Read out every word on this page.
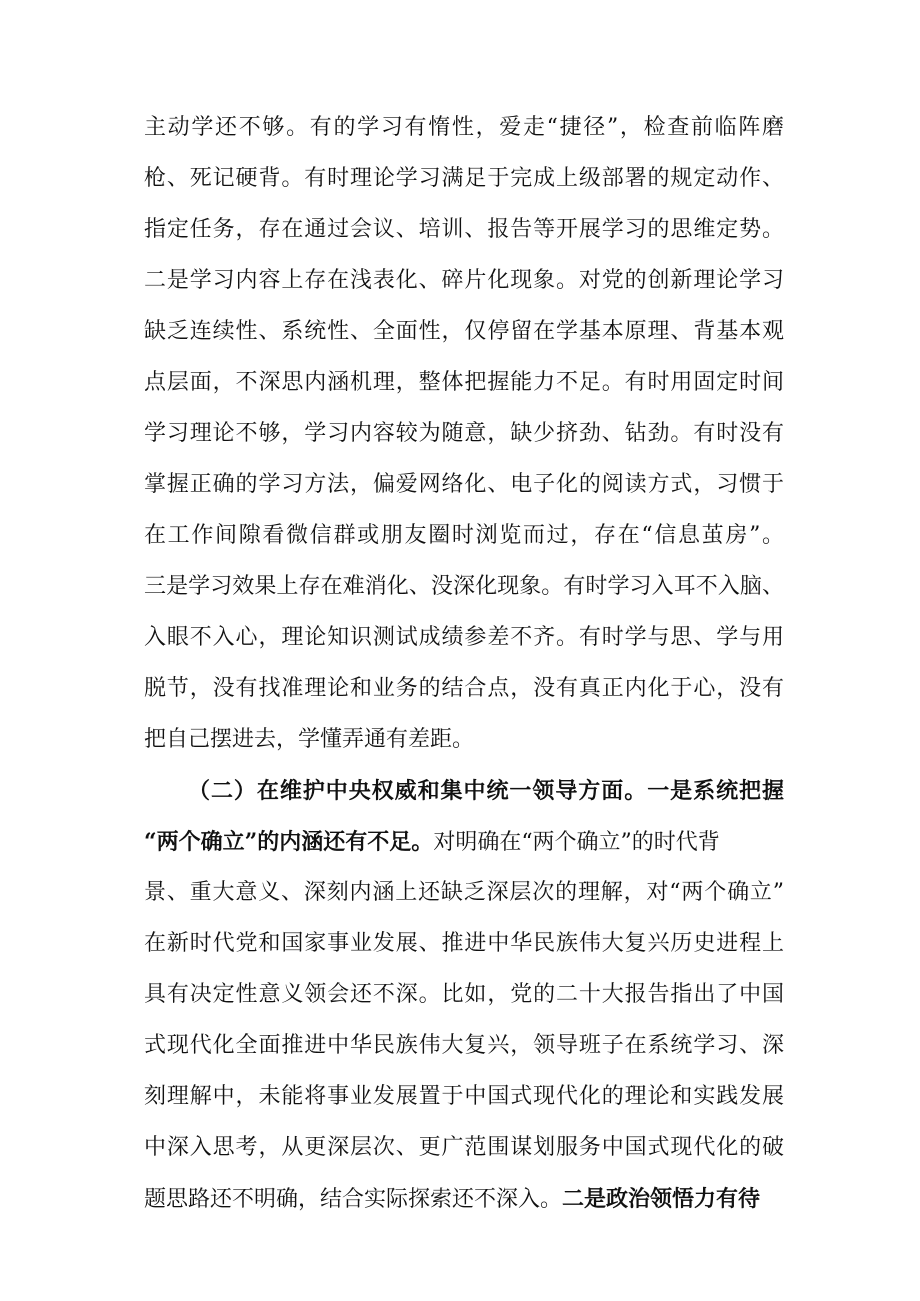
主动学还不够。有的学习有惰性，爱走“捷径”，检查前临阵磨
枪、死记硬背。有时理论学习满足于完成上级部署的规定动作、
指定任务，存在通过会议、培训、报告等开展学习的思维定势。
二是学习内容上存在浅表化、碎片化现象。对党的创新理论学习
缺乏连续性、系统性、全面性，仅停留在学基本原理、背基本观
点层面，不深思内涵机理，整体把握能力不足。有时用固定时间
学习理论不够，学习内容较为随意，缺少挤劲、钻劲。有时没有
掌握正确的学习方法，偏爱网络化、电子化的阅读方式，习惯于
在工作间隙看微信群或朋友圈时浏览而过，存在“信息茧房”。
三是学习效果上存在难消化、没深化现象。有时学习入耳不入脑、
入眼不入心，理论知识测试成绩参差不齐。有时学与思、学与用
脱节，没有找准理论和业务的结合点，没有真正内化于心，没有
把自己摆进去，学懂弄通有差距。
（二）在维护中央权威和集中统一领导方面。一是系统把握
“两个确立”的内涵还有不足。对明确在“两个确立”的时代背
景、重大意义、深刻内涵上还缺乏深层次的理解，对“两个确立”
在新时代党和国家事业发展、推进中华民族伟大复兴历史进程上
具有决定性意义领会还不深。比如，党的二十大报告指出了中国
式现代化全面推进中华民族伟大复兴，领导班子在系统学习、深
刻理解中，未能将事业发展置于中国式现代化的理论和实践发展
中深入思考，从更深层次、更广范围谋划服务中国式现代化的破
题思路还不明确，结合实际探索还不深入。二是政治领悟力有待
